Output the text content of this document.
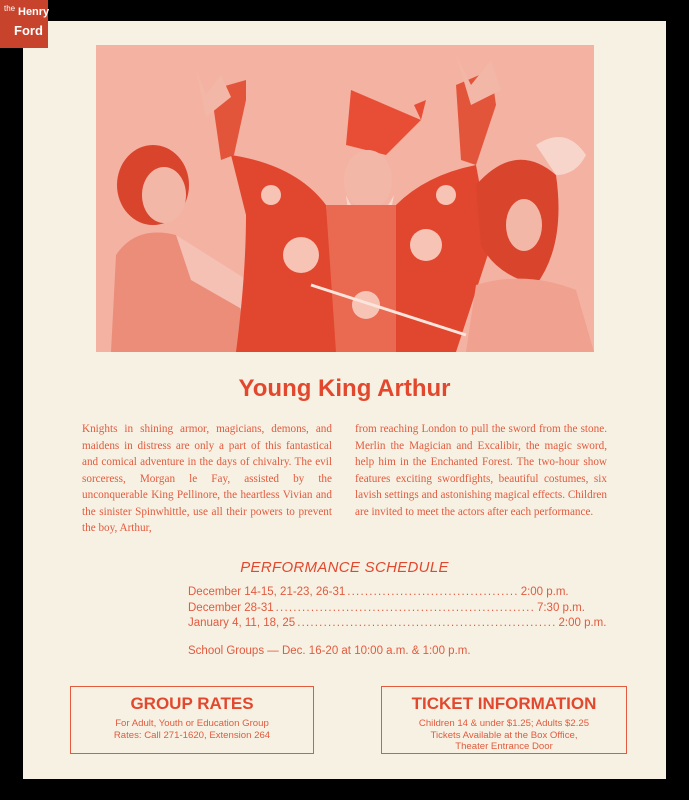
the Henry
Ford
Young King Arthur
Knights in shining armor, magicians, demons, and maidens in distress are only a part of this fantastical and comical adventure in the days of chivalry. The evil sorceress, Morgan le Fay, assisted by the unconquerable King Pellinore, the heartless Vivian and the sinister Spinwhittle, use all their powers to prevent the boy, Arthur,
from reaching London to pull the sword from the stone. Merlin the Magician and Excalibir, the magic sword, help him in the Enchanted Forest. The two-hour show features exciting swordfights, beautiful costumes, six lavish settings and astonishing magical effects. Children are invited to meet the actors after each performance.
PERFORMANCE SCHEDULE
December 14-15, 21-23, 26-31 ....................................... 2:00 p.m.
December 28-31 ........................................................... 7:30 p.m.
January 4, 11, 18, 25 ........................................................... 2:00 p.m.
School Groups — Dec. 16-20 at 10:00 a.m. & 1:00 p.m.
GROUP RATES

For Adult, Youth or Education Group

Rates: Call 271-1620, Extension 264

TICKET INFORMATION

Children 14 & under $1.25; Adults $2.25

Tickets Available at the Box Office,

Theater Entrance Door
